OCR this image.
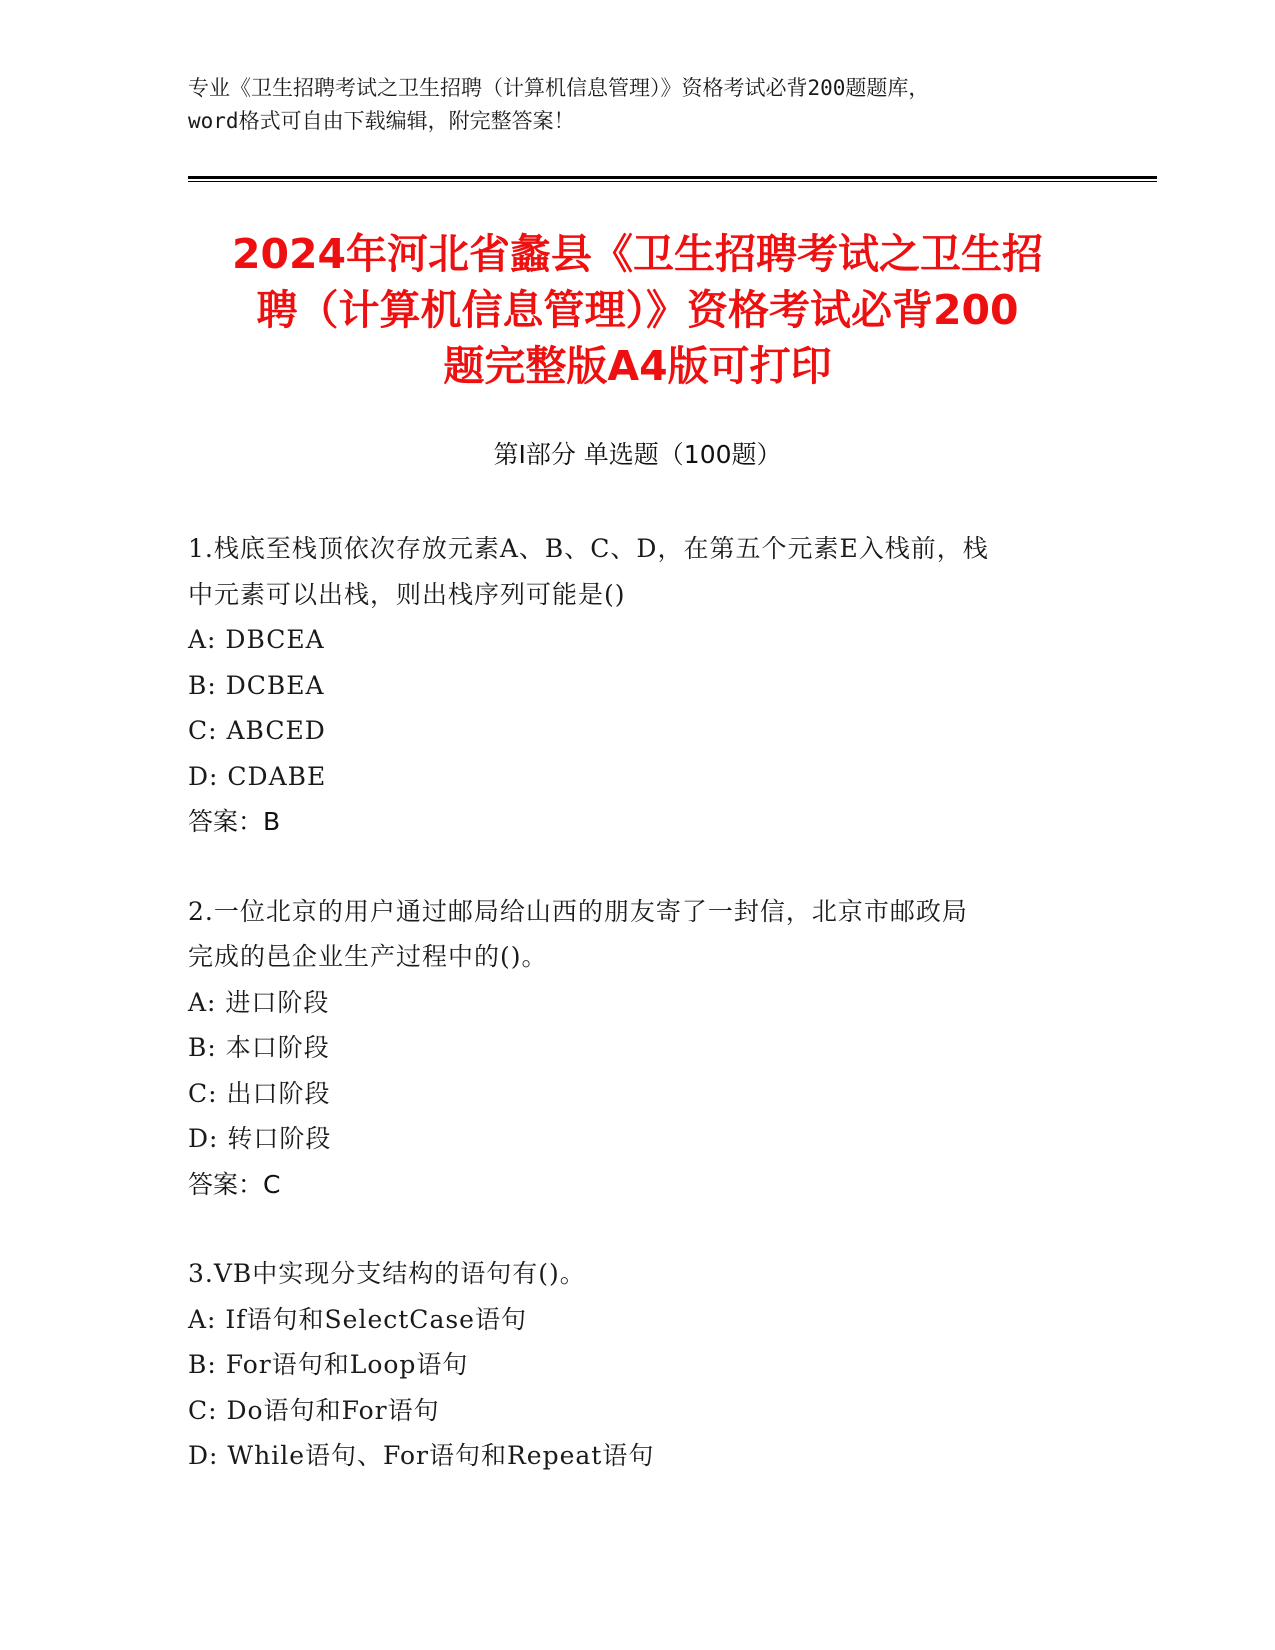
专业《卫生招聘考试之卫生招聘（计算机信息管理）》资格考试必背200题题库，
word格式可自由下载编辑，附完整答案！
2024年河北省蠡县《卫生招聘考试之卫生招
聘（计算机信息管理）》资格考试必背200
题完整版A4版可打印
第Ⅰ部分 单选题（100题）
1.栈底至栈顶依次存放元素A、B、C、D，在第五个元素E入栈前，栈
中元素可以出栈，则出栈序列可能是()
A: DBCEA
B: DCBEA
C: ABCED
D: CDABE
答案：B
2.一位北京的用户通过邮局给山西的朋友寄了一封信，北京市邮政局
完成的邑企业生产过程中的()。
A: 进口阶段
B: 本口阶段
C: 出口阶段
D: 转口阶段
答案：C
3.VB中实现分支结构的语句有()。
A: If语句和SelectCase语句
B: For语句和Loop语句
C: Do语句和For语句
D: While语句、For语句和Repeat语句
